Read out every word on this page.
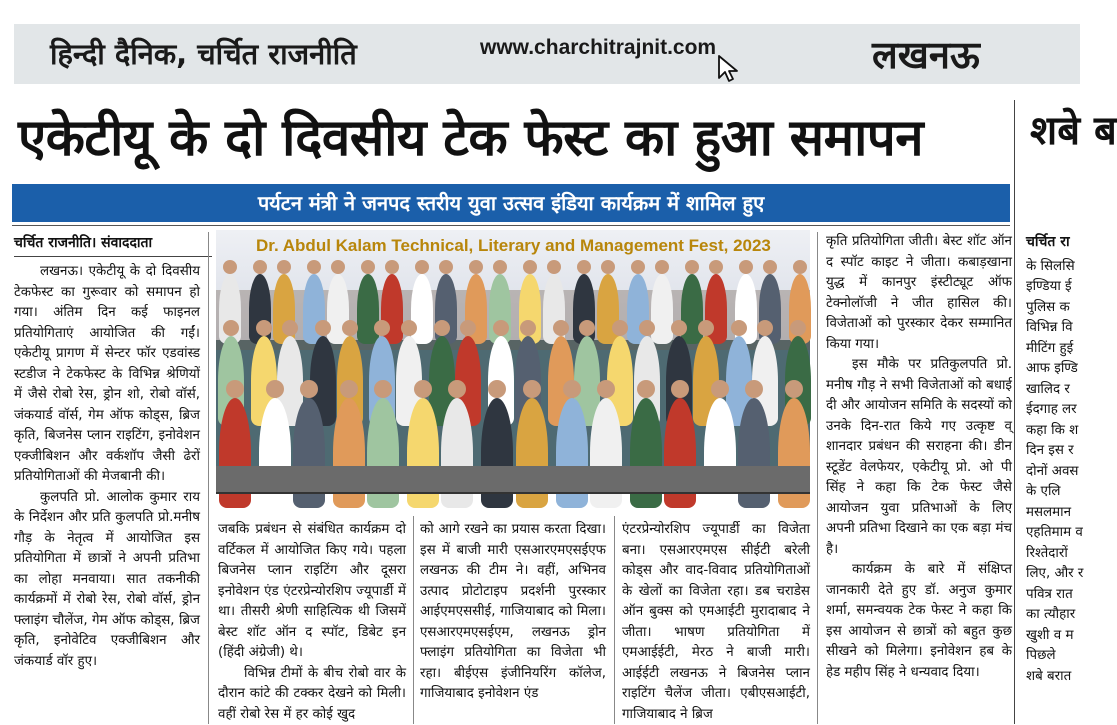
हिन्दी दैनिक, चर्चित राजनीति	www.charchitrajnit.com	लखनऊ
एकेटीयू के दो दिवसीय टेक फेस्ट का हुआ समापन	शबे ब
पर्यटन मंत्री ने जनपद स्तरीय युवा उत्सव इंडिया कार्यक्रम में शामिल हुए
चर्चित राजनीति। संवाददाता	Dr. Abdul Kalam Technical, Literary and Management Fest, 2023

लखनऊ। एकेटीयू के दो दिवसीय टेकफेस्ट का गुरूवार को समापन हो गया। अंतिम दिन कई फाइनल प्रतियोगिताएं आयोजित की गईं। एकेटीयू प्रागण में सेन्टर फॉर एडवांस्ड स्टडीज ने टेकफेस्ट के विभिन्न श्रेणियों में जैसे रोबो रेस, ड्रोन शो, रोबो वॉर्स, जंकयार्ड वॉर्स, गेम ऑफ कोड्स, ब्रिज कृति, बिजनेस प्लान राइटिंग, इनोवेशन एक्जीबिशन और वर्कशॉप जैसी ढेरों प्रतियोगिताओं की मेजबानी की।

कुलपति प्रो. आलोक कुमार राय के निर्देशन और प्रति कुलपति प्रो.मनीष गौड़ के नेतृत्व में आयोजित इस प्रतियोगिता में छात्रों ने अपनी प्रतिभा का लोहा मनवाया। सात तकनीकी कार्यक्रमों में रोबो रेस, रोबो वॉर्स, ड्रोन फ्लाइंग चौलेंज, गेम ऑफ कोड्स, ब्रिज कृति, इनोवेटिव एक्जीबिशन और जंकयार्ड वॉर हुए।

जबकि प्रबंधन से संबंधित कार्यक्रम दो वर्टिकल में आयोजित किए गये। पहला बिजनेस प्लान राइटिंग और दूसरा इनोवेशन एंड एंटरप्रेन्योरशिप ज्यूपार्डी में था। तीसरी श्रेणी साहित्यिक थी जिसमें बेस्ट शॉट ऑन द स्पॉट, डिबेट इन (हिंदी अंग्रेजी) थे।

विभिन्न टीमों के बीच रोबो वार के दौरान कांटे की टक्कर देखने को मिली। वहीं रोबो रेस में हर कोई खुद

को आगे रखने का प्रयास करता दिखा। इस में बाजी मारी एसआरएमएसईएफ लखनऊ की टीम ने। वहीं, अभिनव उत्पाद प्रोटोटाइप प्रदर्शनी पुरस्कार आईएमएससीई, गाजियाबाद को मिला। एसआरएमएसईएम, लखनऊ ड्रोन फ्लाइंग प्रतियोगिता का विजेता भी रहा। बीईएस इंजीनियरिंग कॉलेज, गाजियाबाद इनोवेशन एंड

एंटरप्रेन्योरशिप ज्यूपार्डी का विजेता बना। एसआरएमएस सीईटी बरेली कोड्स और वाद-विवाद प्रतियोगिताओं के खेलों का विजेता रहा। डब चराडेस ऑन बुक्स को एमआईटी मुरादाबाद ने जीता। भाषण प्रतियोगिता में एमआईईटी, मेरठ ने बाजी मारी। आईईटी लखनऊ ने बिजनेस प्लान राइटिंग चैलेंज जीता। एबीएसआईटी, गाजियाबाद ने ब्रिज

कृति प्रतियोगिता जीती। बेस्ट शॉट ऑन द स्पॉट काइट ने जीता। कबाड़खाना युद्ध में कानपुर इंस्टीट्यूट ऑफ टेक्नोलॉजी ने जीत हासिल की। विजेताओं को पुरस्कार देकर सम्मानित किया गया।

इस मौके पर प्रतिकुलपति प्रो. मनीष गौड़ ने सभी विजेताओं को बधाई दी और आयोजन समिति के सदस्यों को उनके दिन-रात किये गए उत्कृष्ट व् शानदार प्रबंधन की सराहना की। डीन स्टूडेंट वेलफेयर, एकेटीयू प्रो. ओ पी सिंह ने कहा कि टेक फेस्ट जैसे आयोजन युवा प्रतिभाओं के लिए अपनी प्रतिभा दिखाने का एक बड़ा मंच है।

कार्यक्रम के बारे में संक्षिप्त जानकारी देते हुए डॉ. अनुज कुमार शर्मा, समन्वयक टेक फेस्ट ने कहा कि इस आयोजन से छात्रों को बहुत कुछ सीखने को मिलेगा। इनोवेशन हब के हेड महीप सिंह ने धन्यवाद दिया।

चर्चित रा
के सिलसि
इण्डिया ई
पुलिस क
विभिन्न वि
मीटिंग हुई
आफ इण्डि
खालिद र
ईदगाह लर
कहा कि श
दिन इस र
दोनों अवस
के एलि
मसलमान
एहतिमाम व
रिश्तेदारों
लिए, और र
पवित्र रात
का त्यौहार
खुशी व म
पिछले
शबे बरात
